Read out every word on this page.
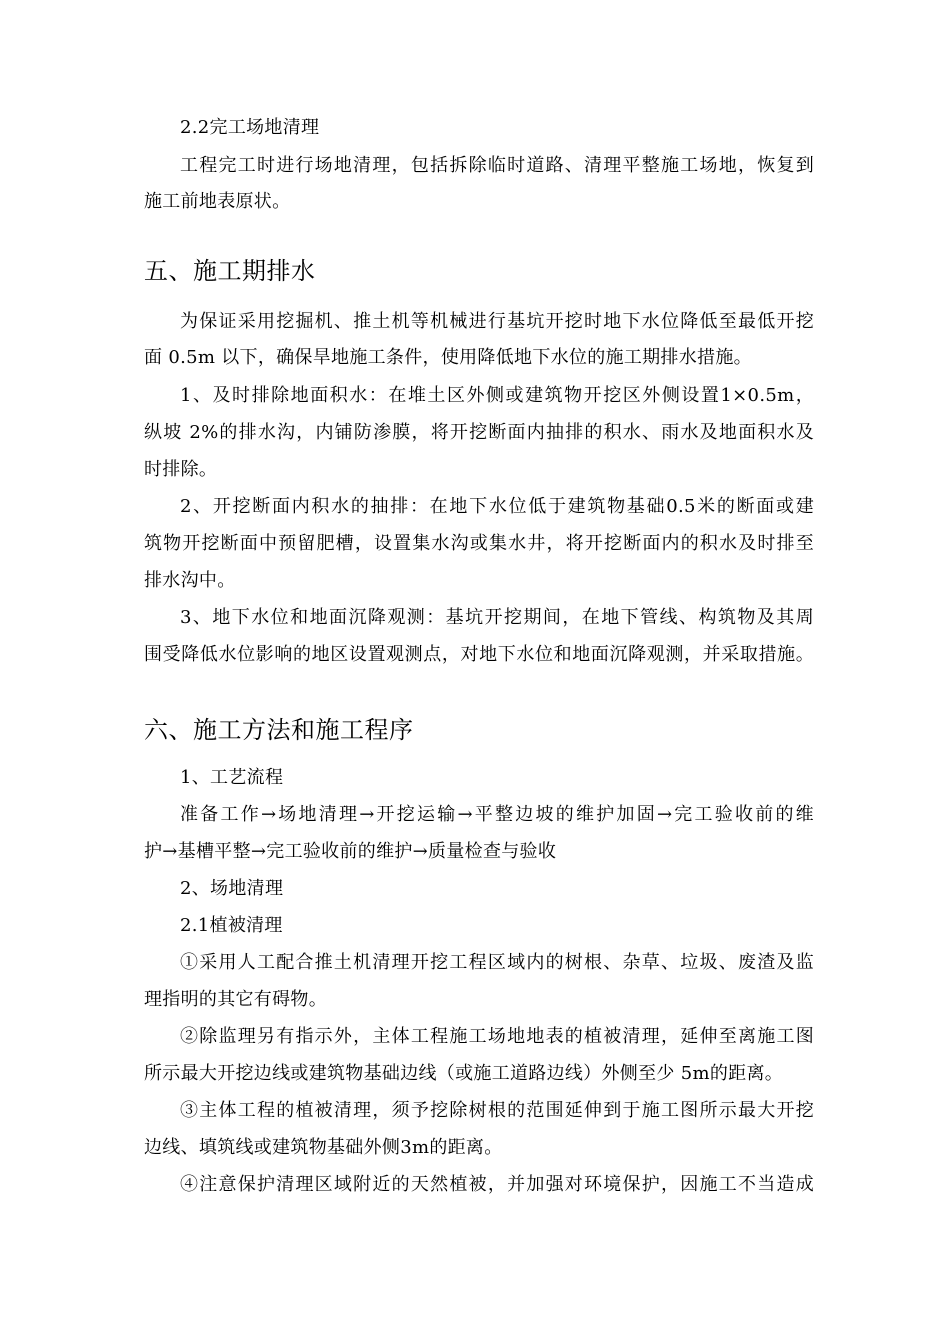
2.2完工场地清理
工程完工时进行场地清理，包括拆除临时道路、清理平整施工场地，恢复到
施工前地表原状。
五、施工期排水
为保证采用挖掘机、推土机等机械进行基坑开挖时地下水位降低至最低开挖
面 0.5m 以下，确保旱地施工条件，使用降低地下水位的施工期排水措施。
1、及时排除地面积水：在堆土区外侧或建筑物开挖区外侧设置1×0.5m，
纵坡 2%的排水沟，内铺防渗膜，将开挖断面内抽排的积水、雨水及地面积水及
时排除。
2、开挖断面内积水的抽排：在地下水位低于建筑物基础0.5米的断面或建
筑物开挖断面中预留肥槽，设置集水沟或集水井，将开挖断面内的积水及时排至
排水沟中。
3、地下水位和地面沉降观测：基坑开挖期间，在地下管线、构筑物及其周
围受降低水位影响的地区设置观测点，对地下水位和地面沉降观测，并采取措施。
六、施工方法和施工程序
1、工艺流程
准备工作→场地清理→开挖运输→平整边坡的维护加固→完工验收前的维
护→基槽平整→完工验收前的维护→质量检查与验收
2、场地清理
2.1植被清理
①采用人工配合推土机清理开挖工程区域内的树根、杂草、垃圾、废渣及监
理指明的其它有碍物。
②除监理另有指示外，主体工程施工场地地表的植被清理，延伸至离施工图
所示最大开挖边线或建筑物基础边线（或施工道路边线）外侧至少 5m的距离。
③主体工程的植被清理，须予挖除树根的范围延伸到于施工图所示最大开挖
边线、填筑线或建筑物基础外侧3m的距离。
④注意保护清理区域附近的天然植被，并加强对环境保护，因施工不当造成
